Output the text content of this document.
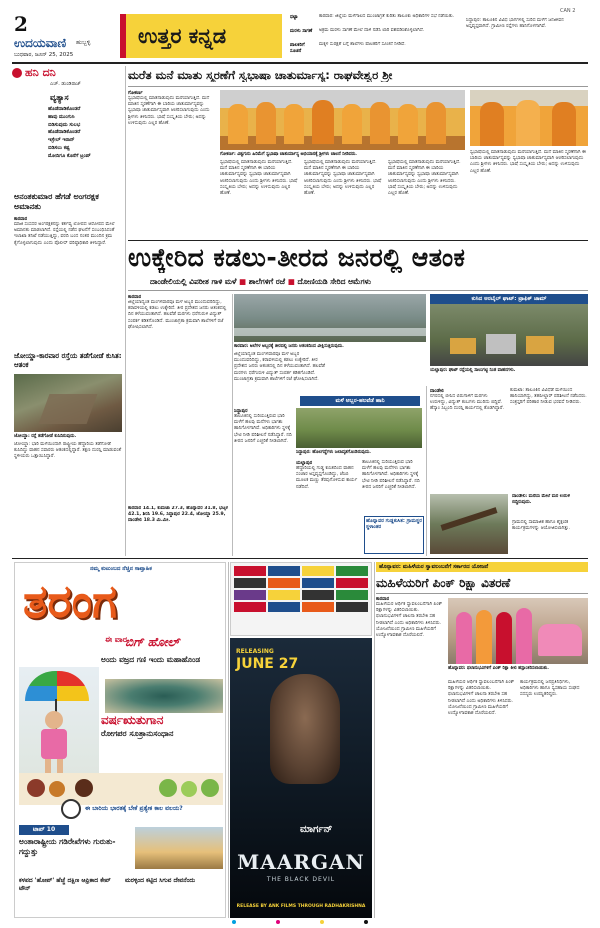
2
ಉದಯವಾಣಿ ಹುಬ್ಬಳ್ಳಿ
ಬುಧವಾರ, ಜೂನ್ 25, 2025
ಉತ್ತರ ಕನ್ನಡ
ಧಟ್ಟಾ	ಕಾರವಾರ: ಜಿಲ್ಲೆಯ ಮಳೆಗಾಲದ ಮುಂಜಾಗ್ರತೆ ಕುರಿತು ತಾಲೂಕು ಅಧಿಕಾರಿಗಳ ಸಭೆ ನಡೆಯಿತು.
ಮರಳು ಸಾಗಣೆ	ಅಕ್ರಮ ಮರಳು ಸಾಗಣೆ ಮೇಲೆ ದಾಳಿ ನಡೆಸಿ ಲಾರಿ ವಶಪಡಿಸಿಕೊಳ್ಳಲಾಗಿದೆ.
ಪಾಲಕರಿಗೆ ಸೂಚನೆ
ಮಕ್ಕಳ ಸುರಕ್ಷತೆ ಬಗ್ಗೆ ಶಾಲೆಗಳು ಪಾಲಕರಿಗೆ ಸೂಚನೆ ನೀಡಿವೆ.
CAN 2
ಸಿದ್ದಾಪುರ: ತಾಲೂಕಿನ ವಿವಿಧ ಭಾಗಗಳಲ್ಲಿ ಸುರಿದ ಮಳೆಗೆ ಜನಜೀವನ ಅಸ್ತವ್ಯಸ್ತವಾಗಿದೆ. ಗ್ರಾಮೀಣ ರಸ್ತೆಗಳು ಹಾನಿಗೊಳಗಾಗಿವೆ.
ಹನಿ ದನಿ
ಎಚ್. ಡುಂಡಿರಾಜ್
ವ್ಯತ್ಯಾಸ
ಹೊಡೆದಾಡಿಕೊಂಡರೆ
ಹಾವು ಮುಂಗುಸಿ
ಬಿಡಿಸುವುದು ಸುಲಭ
ಹೊಡೆದಾಡಿಕೊಂಡರೆ
ಇಸ್ರೇಲ್ ಇರಾನ್
ಬಿಡಿಸಲು ಕಷ್ಟ
ಮೋದಿಗೂ ಕೊನೆಗೆ ಟ್ರಂಪ್
ಅನಂತಕುಮಾರ ಹೆಗಡೆ ಅಂಗರಕ್ಷಕ ಅಮಾನತು
ಕಾರವಾರ
ಮಾಜಿ ಸಂಸದರ ಅಂಗರಕ್ಷಕನನ್ನು ಕರ್ತವ್ಯ ಲೋಪದ ಆರೋಪದ ಮೇಲೆ ಅಮಾನತು ಮಾಡಲಾಗಿದೆ. ರಸ್ತೆಯಲ್ಲಿ ನಡೆದ ಘಟನೆಗೆ ಸಂಬಂಧಿಸಿದಂತೆ ಇಲಾಖಾ ತನಿಖೆ ನಡೆಯುತ್ತಿದ್ದು, ವರದಿ ಬಂದ ನಂತರ ಮುಂದಿನ ಕ್ರಮ ಕೈಗೊಳ್ಳಲಾಗುವುದು ಎಂದು ಪೊಲೀಸ್ ವರಿಷ್ಠಾಧಿಕಾರಿ ತಿಳಿಸಿದ್ದಾರೆ.
ಜೋಯ್ಡಾ-ಕಾರವಾರ ರಸ್ತೆಯ ತಡೆಗೋಡೆ ಕುಸಿತ: ಆತಂಕ
ಜೋಯ್ಡಾ: ರಸ್ತೆ ತಡೆಗೋಡೆ ಕುಸಿದಿರುವುದು.
ಜೋಯ್ಡಾ: ಭಾರಿ ಮಳೆಯಿಂದಾಗಿ ರಾಷ್ಟ್ರೀಯ ಹೆದ್ದಾರಿಯ ತಡೆಗೋಡೆ ಕುಸಿದಿದ್ದು ವಾಹನ ಸವಾರರು ಆತಂಕದಲ್ಲಿದ್ದಾರೆ. ತಕ್ಷಣ ದುರಸ್ತಿ ಮಾಡುವಂತೆ ಸ್ಥಳೀಯರು ಒತ್ತಾಯಿಸಿದ್ದಾರೆ.
ಮರೆತ ಮನೆ ಮಾತು ಸ್ಮರಣೆಗೆ ಸ್ವಭಾಷಾ ಚಾತುರ್ಮಾಸ್ಯ: ರಾಘವೇಶ್ವರ ಶ್ರೀ
ಗೋಕರ್ಣ
ಸ್ವಭಾಷೆಯಲ್ಲಿ ಮಾತನಾಡುವುದು ಮರೆಯಾಗುತ್ತಿದೆ. ಮನೆ ಮಾತಿನ ಸ್ಮರಣೆಗಾಗಿ ಈ ಬಾರಿಯ ಚಾತುರ್ಮಾಸ್ಯವನ್ನು ಸ್ವಭಾಷಾ ಚಾತುರ್ಮಾಸ್ಯವಾಗಿ ಆಚರಿಸಲಾಗುವುದು ಎಂದು ಶ್ರೀಗಳು ತಿಳಿಸಿದರು. ಭಾಷೆ ಸಂಸ್ಕೃತಿಯ ಬೇರು; ಅದನ್ನು ಉಳಿಸುವುದು ಎಲ್ಲರ ಹೊಣೆ.
ಗೋಕರ್ಣ: ವಿಶ್ವಗುರು ಹಿರಿಮೆಗೆ ಸ್ವಭಾಷಾ ಚಾತುರ್ಮಾಸ್ಯ ಅಭಿಯಾನಕ್ಕೆ ಶ್ರೀಗಳು ಚಾಲನೆ ನೀಡಿದರು.
ಸ್ವಭಾಷೆಯಲ್ಲಿ ಮಾತನಾಡುವುದು ಮರೆಯಾಗುತ್ತಿದೆ. ಮನೆ ಮಾತಿನ ಸ್ಮರಣೆಗಾಗಿ ಈ ಬಾರಿಯ ಚಾತುರ್ಮಾಸ್ಯವನ್ನು ಸ್ವಭಾಷಾ ಚಾತುರ್ಮಾಸ್ಯವಾಗಿ ಆಚರಿಸಲಾಗುವುದು ಎಂದು ಶ್ರೀಗಳು ತಿಳಿಸಿದರು. ಭಾಷೆ ಸಂಸ್ಕೃತಿಯ ಬೇರು; ಅದನ್ನು ಉಳಿಸುವುದು ಎಲ್ಲರ ಹೊಣೆ.
ಸ್ವಭಾಷೆಯಲ್ಲಿ ಮಾತನಾಡುವುದು ಮರೆಯಾಗುತ್ತಿದೆ. ಮನೆ ಮಾತಿನ ಸ್ಮರಣೆಗಾಗಿ ಈ ಬಾರಿಯ ಚಾತುರ್ಮಾಸ್ಯವನ್ನು ಸ್ವಭಾಷಾ ಚಾತುರ್ಮಾಸ್ಯವಾಗಿ ಆಚರಿಸಲಾಗುವುದು ಎಂದು ಶ್ರೀಗಳು ತಿಳಿಸಿದರು. ಭಾಷೆ ಸಂಸ್ಕೃತಿಯ ಬೇರು; ಅದನ್ನು ಉಳಿಸುವುದು ಎಲ್ಲರ ಹೊಣೆ.
ಸ್ವಭಾಷೆಯಲ್ಲಿ ಮಾತನಾಡುವುದು ಮರೆಯಾಗುತ್ತಿದೆ. ಮನೆ ಮಾತಿನ ಸ್ಮರಣೆಗಾಗಿ ಈ ಬಾರಿಯ ಚಾತುರ್ಮಾಸ್ಯವನ್ನು ಸ್ವಭಾಷಾ ಚಾತುರ್ಮಾಸ್ಯವಾಗಿ ಆಚರಿಸಲಾಗುವುದು ಎಂದು ಶ್ರೀಗಳು ತಿಳಿಸಿದರು. ಭಾಷೆ ಸಂಸ್ಕೃತಿಯ ಬೇರು; ಅದನ್ನು ಉಳಿಸುವುದು ಎಲ್ಲರ ಹೊಣೆ.
ಸ್ವಭಾಷೆಯಲ್ಲಿ ಮಾತನಾಡುವುದು ಮರೆಯಾಗುತ್ತಿದೆ. ಮನೆ ಮಾತಿನ ಸ್ಮರಣೆಗಾಗಿ ಈ ಬಾರಿಯ ಚಾತುರ್ಮಾಸ್ಯವನ್ನು ಸ್ವಭಾಷಾ ಚಾತುರ್ಮಾಸ್ಯವಾಗಿ ಆಚರಿಸಲಾಗುವುದು ಎಂದು ಶ್ರೀಗಳು ತಿಳಿಸಿದರು. ಭಾಷೆ ಸಂಸ್ಕೃತಿಯ ಬೇರು; ಅದನ್ನು ಉಳಿಸುವುದು ಎಲ್ಲರ ಹೊಣೆ.
ಉಕ್ಕೇರಿದ ಕಡಲು-ತೀರದ ಜನರಲ್ಲಿ ಆತಂಕ
ದಾಂಡೇಲಿಯಲ್ಲಿ ವಿಪರೀತ ಗಾಳಿ ಮಳೆ ■ ಶಾಲೆಗಳಿಗೆ ರಜೆ ■ ದೋಣಿಯಡಿ ಸೇರಿದ ಆಮೆಗಳು
ಕಾರವಾರ
ಜಿಲ್ಲೆಯಾದ್ಯಂತ ಮಂಗಳವಾರವೂ ಮಳೆ ಅಬ್ಬರ ಮುಂದುವರಿದಿದ್ದು, ಕರಾವಳಿಯಲ್ಲಿ ಕಡಲು ಉಕ್ಕೇರಿದೆ. ತೀರ ಪ್ರದೇಶದ ಜನರು ಆತಂಕದಲ್ಲಿ ದಿನ ಕಳೆಯುವಂತಾಗಿದೆ. ಹಲವೆಡೆ ಮರಗಳು ಧರೆಗುರುಳಿ ವಿದ್ಯುತ್ ಸಂಪರ್ಕ ಕಡಿತಗೊಂಡಿದೆ. ಮುಂಜಾಗ್ರತಾ ಕ್ರಮವಾಗಿ ಶಾಲೆಗಳಿಗೆ ರಜೆ ಘೋಷಿಸಲಾಗಿದೆ.
ಕಾರವಾರ 14.1, ಕುಮಟಾ 27.3, ಹೊನ್ನಾವರ 31.8, ಭಟ್ಕಳ 42.1, ಶಿರಸಿ 19.6, ಸಿದ್ದಾಪುರ 22.4, ಜೋಯ್ಡಾ 25.9, ದಾಂಡೇಲಿ 18.3 ಮಿ.ಮೀ.
ಕಾರವಾರ: ಅಲೆಗಳ ಅಬ್ಬರಕ್ಕೆ ತೀರದಲ್ಲಿ ಜನರು ಆತಂಕದಿಂದ ವೀಕ್ಷಿಸುತ್ತಿರುವುದು.
ಜಿಲ್ಲೆಯಾದ್ಯಂತ ಮಂಗಳವಾರವೂ ಮಳೆ ಅಬ್ಬರ ಮುಂದುವರಿದಿದ್ದು, ಕರಾವಳಿಯಲ್ಲಿ ಕಡಲು ಉಕ್ಕೇರಿದೆ. ತೀರ ಪ್ರದೇಶದ ಜನರು ಆತಂಕದಲ್ಲಿ ದಿನ ಕಳೆಯುವಂತಾಗಿದೆ. ಹಲವೆಡೆ ಮರಗಳು ಧರೆಗುರುಳಿ ವಿದ್ಯುತ್ ಸಂಪರ್ಕ ಕಡಿತಗೊಂಡಿದೆ. ಮುಂಜಾಗ್ರತಾ ಕ್ರಮವಾಗಿ ಶಾಲೆಗಳಿಗೆ ರಜೆ ಘೋಷಿಸಲಾಗಿದೆ.
ಕುಸಿದ ಅರಬೈಲ್ ಘಾಟ್: ಟ್ರಾಫಿಕ್ ಜಾಮ್
ಯಲ್ಲಾಪುರ: ಘಾಟ್ ರಸ್ತೆಯಲ್ಲಿ ಸಾಲುಗಟ್ಟಿ ನಿಂತ ವಾಹನಗಳು.
ಮಳೆ ಅಬ್ಬರ-ಹಲವೆಡೆ ಹಾನಿ
ಸಿದ್ದಾಪುರ
ತಾಲೂಕಿನಲ್ಲಿ ಸುರಿಯುತ್ತಿರುವ ಭಾರಿ ಮಳೆಗೆ ಹಲವು ಮನೆಗಳು ಭಾಗಶಃ ಹಾನಿಗೊಳಗಾಗಿವೆ. ಅಧಿಕಾರಿಗಳು ಸ್ಥಳಕ್ಕೆ ಭೇಟಿ ನೀಡಿ ಪರಿಶೀಲನೆ ನಡೆಸಿದ್ದಾರೆ. ನದಿ ತೀರದ ಜನರಿಗೆ ಎಚ್ಚರಿಕೆ ನೀಡಲಾಗಿದೆ.
ಸಿದ್ದಾಪುರ: ಹೊಲಗದ್ದೆಗಳು ಜಲಾವೃತಗೊಂಡಿರುವುದು.
ಯಲ್ಲಾಪುರ
ಹೆದ್ದಾರಿಯಲ್ಲಿ ಗುಡ್ಡ ಕುಸಿತದಿಂದ ವಾಹನ ಸಂಚಾರ ಅಸ್ತವ್ಯಸ್ತಗೊಂಡಿದ್ದು, ಜೆಸಿಬಿ ಮೂಲಕ ಮಣ್ಣು ತೆರವುಗೊಳಿಸುವ ಕಾರ್ಯ ನಡೆದಿದೆ.
ತಾಲೂಕಿನಲ್ಲಿ ಸುರಿಯುತ್ತಿರುವ ಭಾರಿ ಮಳೆಗೆ ಹಲವು ಮನೆಗಳು ಭಾಗಶಃ ಹಾನಿಗೊಳಗಾಗಿವೆ. ಅಧಿಕಾರಿಗಳು ಸ್ಥಳಕ್ಕೆ ಭೇಟಿ ನೀಡಿ ಪರಿಶೀಲನೆ ನಡೆಸಿದ್ದಾರೆ. ನದಿ ತೀರದ ಜನರಿಗೆ ಎಚ್ಚರಿಕೆ ನೀಡಲಾಗಿದೆ.
ದಾಂಡೇಲಿ
ನಗರದಲ್ಲಿ ಬೀಸಿದ ಬಿರುಗಾಳಿಗೆ ಮರಗಳು ಉರುಳಿದ್ದು, ವಿದ್ಯುತ್ ಕಂಬಗಳು ಮುರಿದು ಬಿದ್ದಿವೆ. ಹೆಸ್ಕಾಂ ಸಿಬ್ಬಂದಿ ದುರಸ್ತಿ ಕಾರ್ಯದಲ್ಲಿ ತೊಡಗಿದ್ದಾರೆ.
ಕುಮಟಾ: ತಾಲೂಕಿನ ವಿವಿಧೆಡೆ ಮಳೆಯಿಂದ ಹಾನಿಯಾಗಿದ್ದು, ತಹಸೀಲ್ದಾರ್ ಪರಿಶೀಲನೆ ನಡೆಸಿದರು. ಸಂತ್ರಸ್ತರಿಗೆ ಪರಿಹಾರ ನೀಡುವ ಭರವಸೆ ನೀಡಿದರು.
ಹೊನ್ನಾವರ ಗುಡ್ಡಕುಸಿತ: ಗ್ರಾಮಸ್ಥರ ಸ್ಥಳಾಂತರ
ದಾಂಡೇಲಿ: ಮನೆಯ ಮೇಲೆ ಮರ ಉರುಳಿ ಬಿದ್ದಿರುವುದು.
ಗ್ರಾಮದಲ್ಲಿ ಸಾಮಾಜಿಕ ಹಾಗೂ ಶೈಕ್ಷಣಿಕ ಕಾರ್ಯಕ್ರಮಗಳನ್ನು ಆಯೋಜಿಸಲಾಗಿತ್ತು.
ನಮ್ಮ ಕುಟುಂಬದ ನೆಚ್ಚಿನ ಸಾಪ್ತಾಹಿಕ
ತರಂಗ
ಈ ವಾರ
ಬಿಗ್ ಹೋಲ್
ಅಂದು ವಜ್ರದ ಗಣಿ ಇಂದು ಮಹಾಹೊಂಡ
ವರ್ಷಋತುಗಾನ
ರೋಗಪರ ಸೂತ್ರಾನುಸಂಧಾನ
ಈ ಬಾರಿಯ ಭಾರತಕ್ಕೆ ಬೇಕೆ ಪ್ರತ್ಯೇಕ ಕಾಲ ವಲಯ?
ಟಾಪ್ 10
ಅಂತಾರಾಷ್ಟ್ರೀಯ ಗಡಿರೇಖೆಗಳು ಗುರುತು-ಗದ್ದುತ್ತು
ಕಳಪದ 'ಹೋಪ್' ಹೆಜ್ಜೆ ದಕ್ಷಿಣ ಆಫ್ರಿಕಾದ ಕೇಪ್ ಟೌನ್
ಮರಳ್ಳಿಂದ ಕಟ್ಟಿದ ಸಿಗುವ ದೇವನೆಂದು
RELEASING
JUNE 27
ಮಾರ್ಗನ್
MAARGAN
THE BLACK DEVIL
RELEASE BY ANK FILMS THROUGH RADHAKRISHNA
ಹೊನ್ನಾವರ: ಮಹಿಳೆಯರ ಸ್ವಾವಲಂಬನೆಗೆ ಸರ್ಕಾರದ ಯೋಜನೆ
ಮಹಿಳೆಯರಿಗೆ ಪಿಂಕ್ ರಿಕ್ಷಾ ವಿತರಣೆ
ಕಾರವಾರ
ಮಹಿಳೆಯರ ಆರ್ಥಿಕ ಸ್ವಾವಲಂಬನೆಗಾಗಿ ಪಿಂಕ್ ರಿಕ್ಷಾಗಳನ್ನು ವಿತರಿಸಲಾಯಿತು. ಫಲಾನುಭವಿಗಳಿಗೆ ಚಾಲನಾ ತರಬೇತಿ ಸಹ ನೀಡಲಾಗಿದೆ ಎಂದು ಅಧಿಕಾರಿಗಳು ತಿಳಿಸಿದರು. ಯೋಜನೆಯಿಂದ ಗ್ರಾಮೀಣ ಮಹಿಳೆಯರಿಗೆ ಉದ್ಯೋಗಾವಕಾಶ ದೊರೆಯಲಿದೆ.
ಹೊನ್ನಾವರ: ಫಲಾನುಭವಿಗಳಿಗೆ ಪಿಂಕ್ ರಿಕ್ಷಾ ಕೀಲಿ ಹಸ್ತಾಂತರಿಸಲಾಯಿತು.
ಮಹಿಳೆಯರ ಆರ್ಥಿಕ ಸ್ವಾವಲಂಬನೆಗಾಗಿ ಪಿಂಕ್ ರಿಕ್ಷಾಗಳನ್ನು ವಿತರಿಸಲಾಯಿತು. ಫಲಾನುಭವಿಗಳಿಗೆ ಚಾಲನಾ ತರಬೇತಿ ಸಹ ನೀಡಲಾಗಿದೆ ಎಂದು ಅಧಿಕಾರಿಗಳು ತಿಳಿಸಿದರು. ಯೋಜನೆಯಿಂದ ಗ್ರಾಮೀಣ ಮಹಿಳೆಯರಿಗೆ ಉದ್ಯೋಗಾವಕಾಶ ದೊರೆಯಲಿದೆ.
ಕಾರ್ಯಕ್ರಮದಲ್ಲಿ ಜನಪ್ರತಿನಿಧಿಗಳು, ಅಧಿಕಾರಿಗಳು ಹಾಗೂ ಸ್ವಸಹಾಯ ಸಂಘದ ಸದಸ್ಯರು ಉಪಸ್ಥಿತರಿದ್ದರು.
